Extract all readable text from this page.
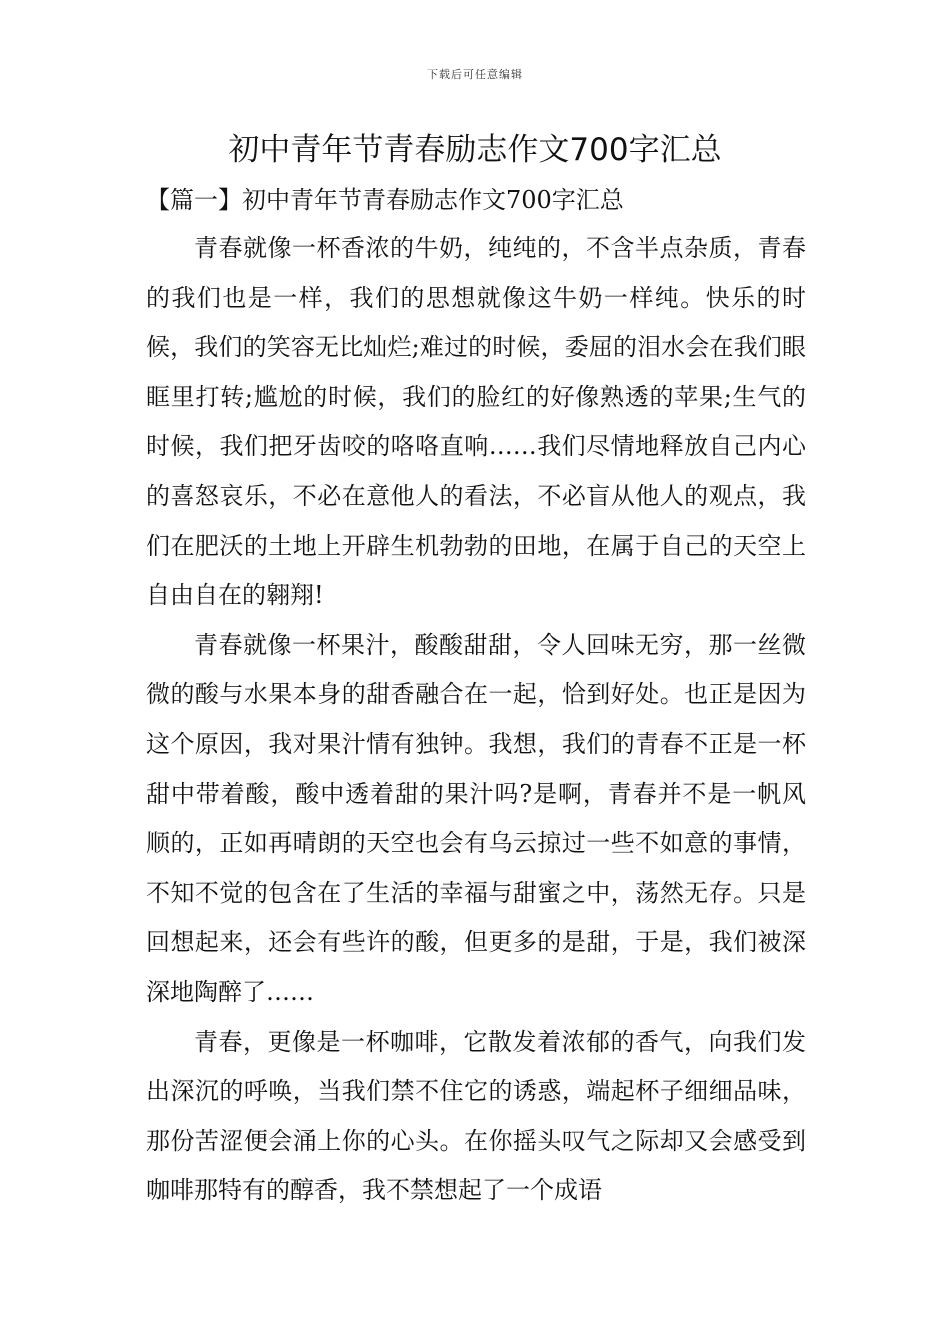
下载后可任意编辑
初中青年节青春励志作文700字汇总
【篇一】初中青年节青春励志作文700字汇总

青春就像一杯香浓的牛奶，纯纯的，不含半点杂质，青春的我们也是一样，我们的思想就像这牛奶一样纯。快乐的时候，我们的笑容无比灿烂;难过的时候，委屈的泪水会在我们眼眶里打转;尴尬的时候，我们的脸红的好像熟透的苹果;生气的时候，我们把牙齿咬的咯咯直响……我们尽情地释放自己内心的喜怒哀乐，不必在意他人的看法，不必盲从他人的观点，我们在肥沃的土地上开辟生机勃勃的田地，在属于自己的天空上自由自在的翱翔!

青春就像一杯果汁，酸酸甜甜，令人回味无穷，那一丝微微的酸与水果本身的甜香融合在一起，恰到好处。也正是因为这个原因，我对果汁情有独钟。我想，我们的青春不正是一杯甜中带着酸，酸中透着甜的果汁吗?是啊，青春并不是一帆风顺的，正如再晴朗的天空也会有乌云掠过一些不如意的事情，不知不觉的包含在了生活的幸福与甜蜜之中，荡然无存。只是回想起来，还会有些许的酸，但更多的是甜，于是，我们被深深地陶醉了……

青春，更像是一杯咖啡，它散发着浓郁的香气，向我们发出深沉的呼唤，当我们禁不住它的诱惑，端起杯子细细品味，那份苦涩便会涌上你的心头。在你摇头叹气之际却又会感受到咖啡那特有的醇香，我不禁想起了一个成语
